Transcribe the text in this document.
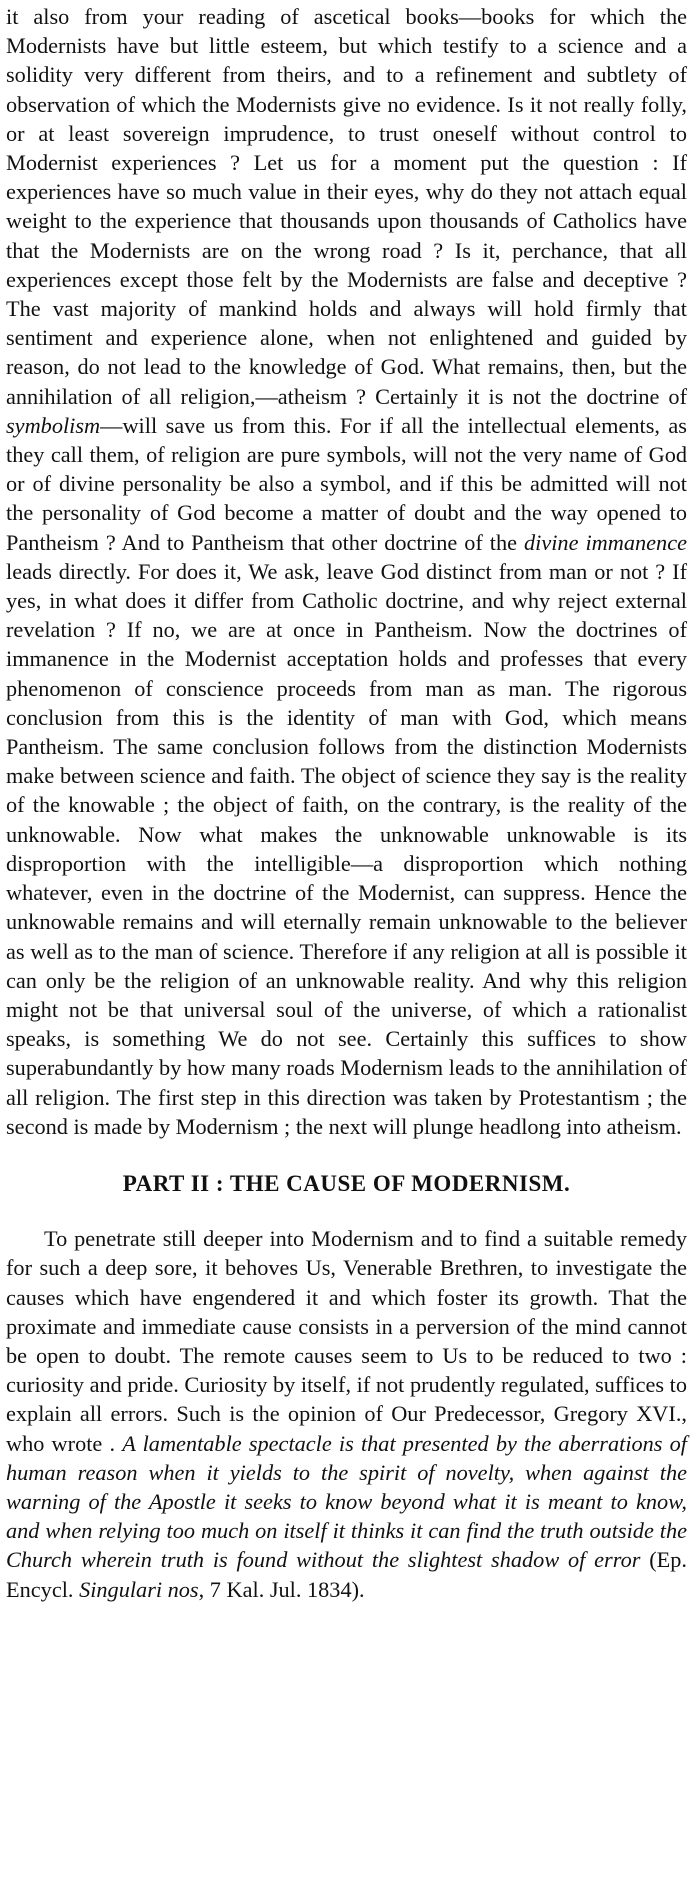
it also from your reading of ascetical books—books for which the Modernists have but little esteem, but which testify to a science and a solidity very different from theirs, and to a refinement and subtlety of observation of which the Modernists give no evidence. Is it not really folly, or at least sovereign imprudence, to trust oneself without control to Modernist experiences ? Let us for a moment put the question : If experiences have so much value in their eyes, why do they not attach equal weight to the experience that thousands upon thousands of Catholics have that the Modernists are on the wrong road ? Is it, perchance, that all experiences except those felt by the Modernists are false and deceptive ? The vast majority of mankind holds and always will hold firmly that sentiment and experience alone, when not enlightened and guided by reason, do not lead to the knowledge of God. What remains, then, but the annihilation of all religion,—atheism ? Certainly it is not the doctrine of symbolism—will save us from this. For if all the intellectual elements, as they call them, of religion are pure symbols, will not the very name of God or of divine personality be also a symbol, and if this be admitted will not the personality of God become a matter of doubt and the way opened to Pantheism ? And to Pantheism that other doctrine of the divine immanence leads directly. For does it, We ask, leave God distinct from man or not ? If yes, in what does it differ from Catholic doctrine, and why reject external revelation ? If no, we are at once in Pantheism. Now the doctrines of immanence in the Modernist acceptation holds and professes that every phenomenon of conscience proceeds from man as man. The rigorous conclusion from this is the identity of man with God, which means Pantheism. The same conclusion follows from the distinction Modernists make between science and faith. The object of science they say is the reality of the knowable ; the object of faith, on the contrary, is the reality of the unknowable. Now what makes the unknowable unknowable is its disproportion with the intelligible—a disproportion which nothing whatever, even in the doctrine of the Modernist, can suppress. Hence the unknowable remains and will eternally remain unknowable to the believer as well as to the man of science. Therefore if any religion at all is possible it can only be the religion of an unknowable reality. And why this religion might not be that universal soul of the universe, of which a rationalist speaks, is something We do not see. Certainly this suffices to show superabundantly by how many roads Modernism leads to the annihilation of all religion. The first step in this direction was taken by Protestantism ; the second is made by Modernism ; the next will plunge headlong into atheism.

PART II : THE CAUSE OF MODERNISM.

To penetrate still deeper into Modernism and to find a suitable remedy for such a deep sore, it behoves Us, Venerable Brethren, to investigate the causes which have engendered it and which foster its growth. That the proximate and immediate cause consists in a perversion of the mind cannot be open to doubt. The remote causes seem to Us to be reduced to two : curiosity and pride. Curiosity by itself, if not prudently regulated, suffices to explain all errors. Such is the opinion of Our Predecessor, Gregory XVI., who wrote . A lamentable spectacle is that presented by the aberrations of human reason when it yields to the spirit of novelty, when against the warning of the Apostle it seeks to know beyond what it is meant to know, and when relying too much on itself it thinks it can find the truth outside the Church wherein truth is found without the slightest shadow of error (Ep. Encycl. Singulari nos, 7 Kal. Jul. 1834).
